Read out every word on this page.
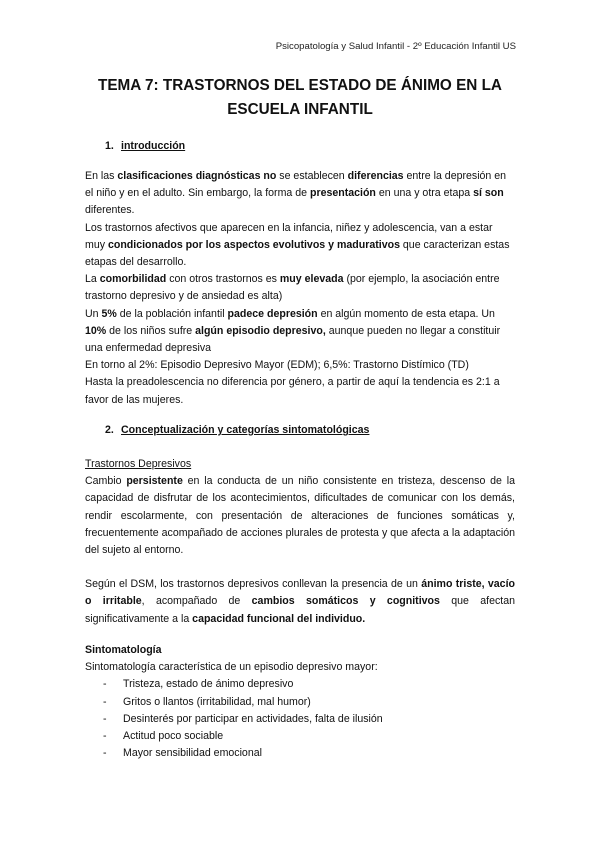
Psicopatología y Salud Infantil - 2º Educación Infantil US
TEMA 7: TRASTORNOS DEL ESTADO DE ÁNIMO EN LA ESCUELA INFANTIL
1. introducción

En las clasificaciones diagnósticas no se establecen diferencias entre la depresión en el niño y en el adulto. Sin embargo, la forma de presentación en una y otra etapa sí son diferentes.

Los trastornos afectivos que aparecen en la infancia, niñez y adolescencia, van a estar muy condicionados por los aspectos evolutivos y madurativos que caracterizan estas etapas del desarrollo.

La comorbilidad con otros trastornos es muy elevada (por ejemplo, la asociación entre trastorno depresivo y de ansiedad es alta)

Un 5% de la población infantil padece depresión en algún momento de esta etapa. Un 10% de los niños sufre algún episodio depresivo, aunque pueden no llegar a constituir una enfermedad depresiva

En torno al 2%: Episodio Depresivo Mayor (EDM); 6,5%: Trastorno Distímico (TD)

Hasta la preadolescencia no diferencia por género, a partir de aquí la tendencia es 2:1 a favor de las mujeres.

2. Conceptualización y categorías sintomatológicas

Trastornos Depresivos

Cambio persistente en la conducta de un niño consistente en tristeza, descenso de la capacidad de disfrutar de los acontecimientos, dificultades de comunicar con los demás, rendir escolarmente, con presentación de alteraciones de funciones somáticas y, frecuentemente acompañado de acciones plurales de protesta y que afecta a la adaptación del sujeto al entorno.

Según el DSM, los trastornos depresivos conllevan la presencia de un ánimo triste, vacío o irritable, acompañado de cambios somáticos y cognitivos que afectan significativamente a la capacidad funcional del individuo.

Sintomatología

Sintomatología característica de un episodio depresivo mayor:

- Tristeza, estado de ánimo depresivo
- Gritos o llantos (irritabilidad, mal humor)
- Desinterés por participar en actividades, falta de ilusión
- Actitud poco sociable
- Mayor sensibilidad emocional
